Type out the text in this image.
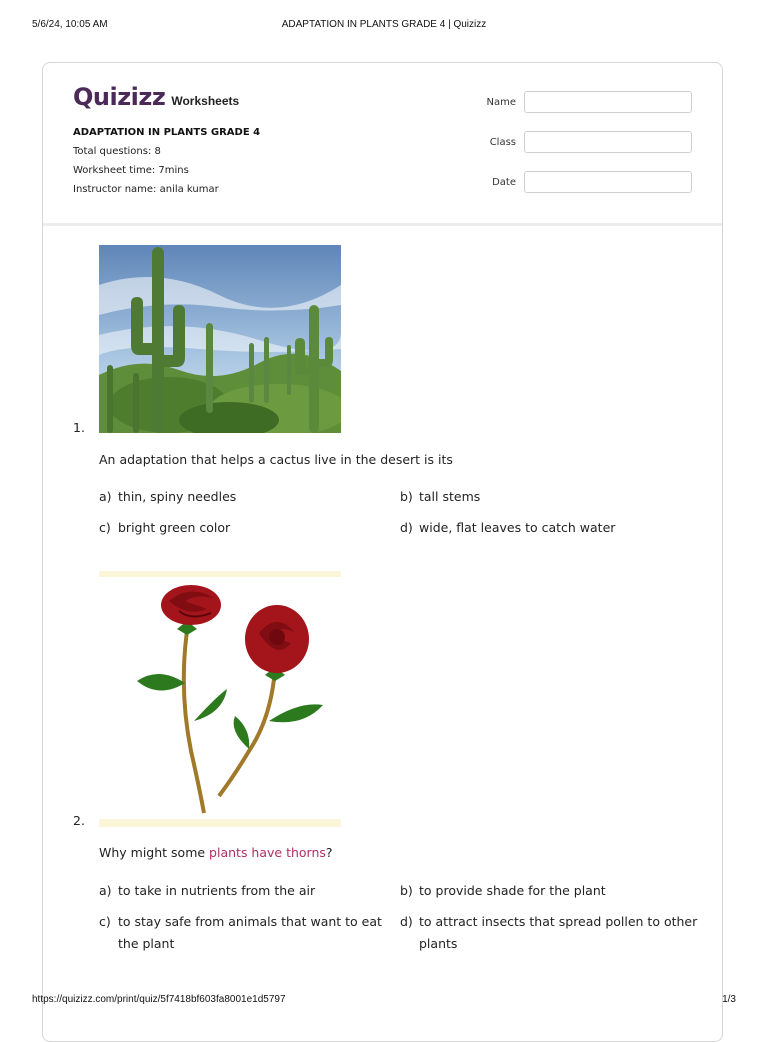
5/6/24, 10:05 AM	ADAPTATION IN PLANTS GRADE 4 | Quizizz
Quizizz Worksheets
ADAPTATION IN PLANTS GRADE 4
Total questions: 8
Worksheet time: 7mins
Instructor name: anila kumar
Name
Class
Date
1.
An adaptation that helps a cactus live in the desert is its
a) thin, spiny needles	b) tall stems
c) bright green color	d) wide, flat leaves to catch water
2.
Why might some plants have thorns?
a) to take in nutrients from the air	b) to provide shade for the plant
c) to stay safe from animals that want to eat the plant
d) to attract insects that spread pollen to other plants
https://quizizz.com/print/quiz/5f7418bf603fa8001e1d5797	1/3
